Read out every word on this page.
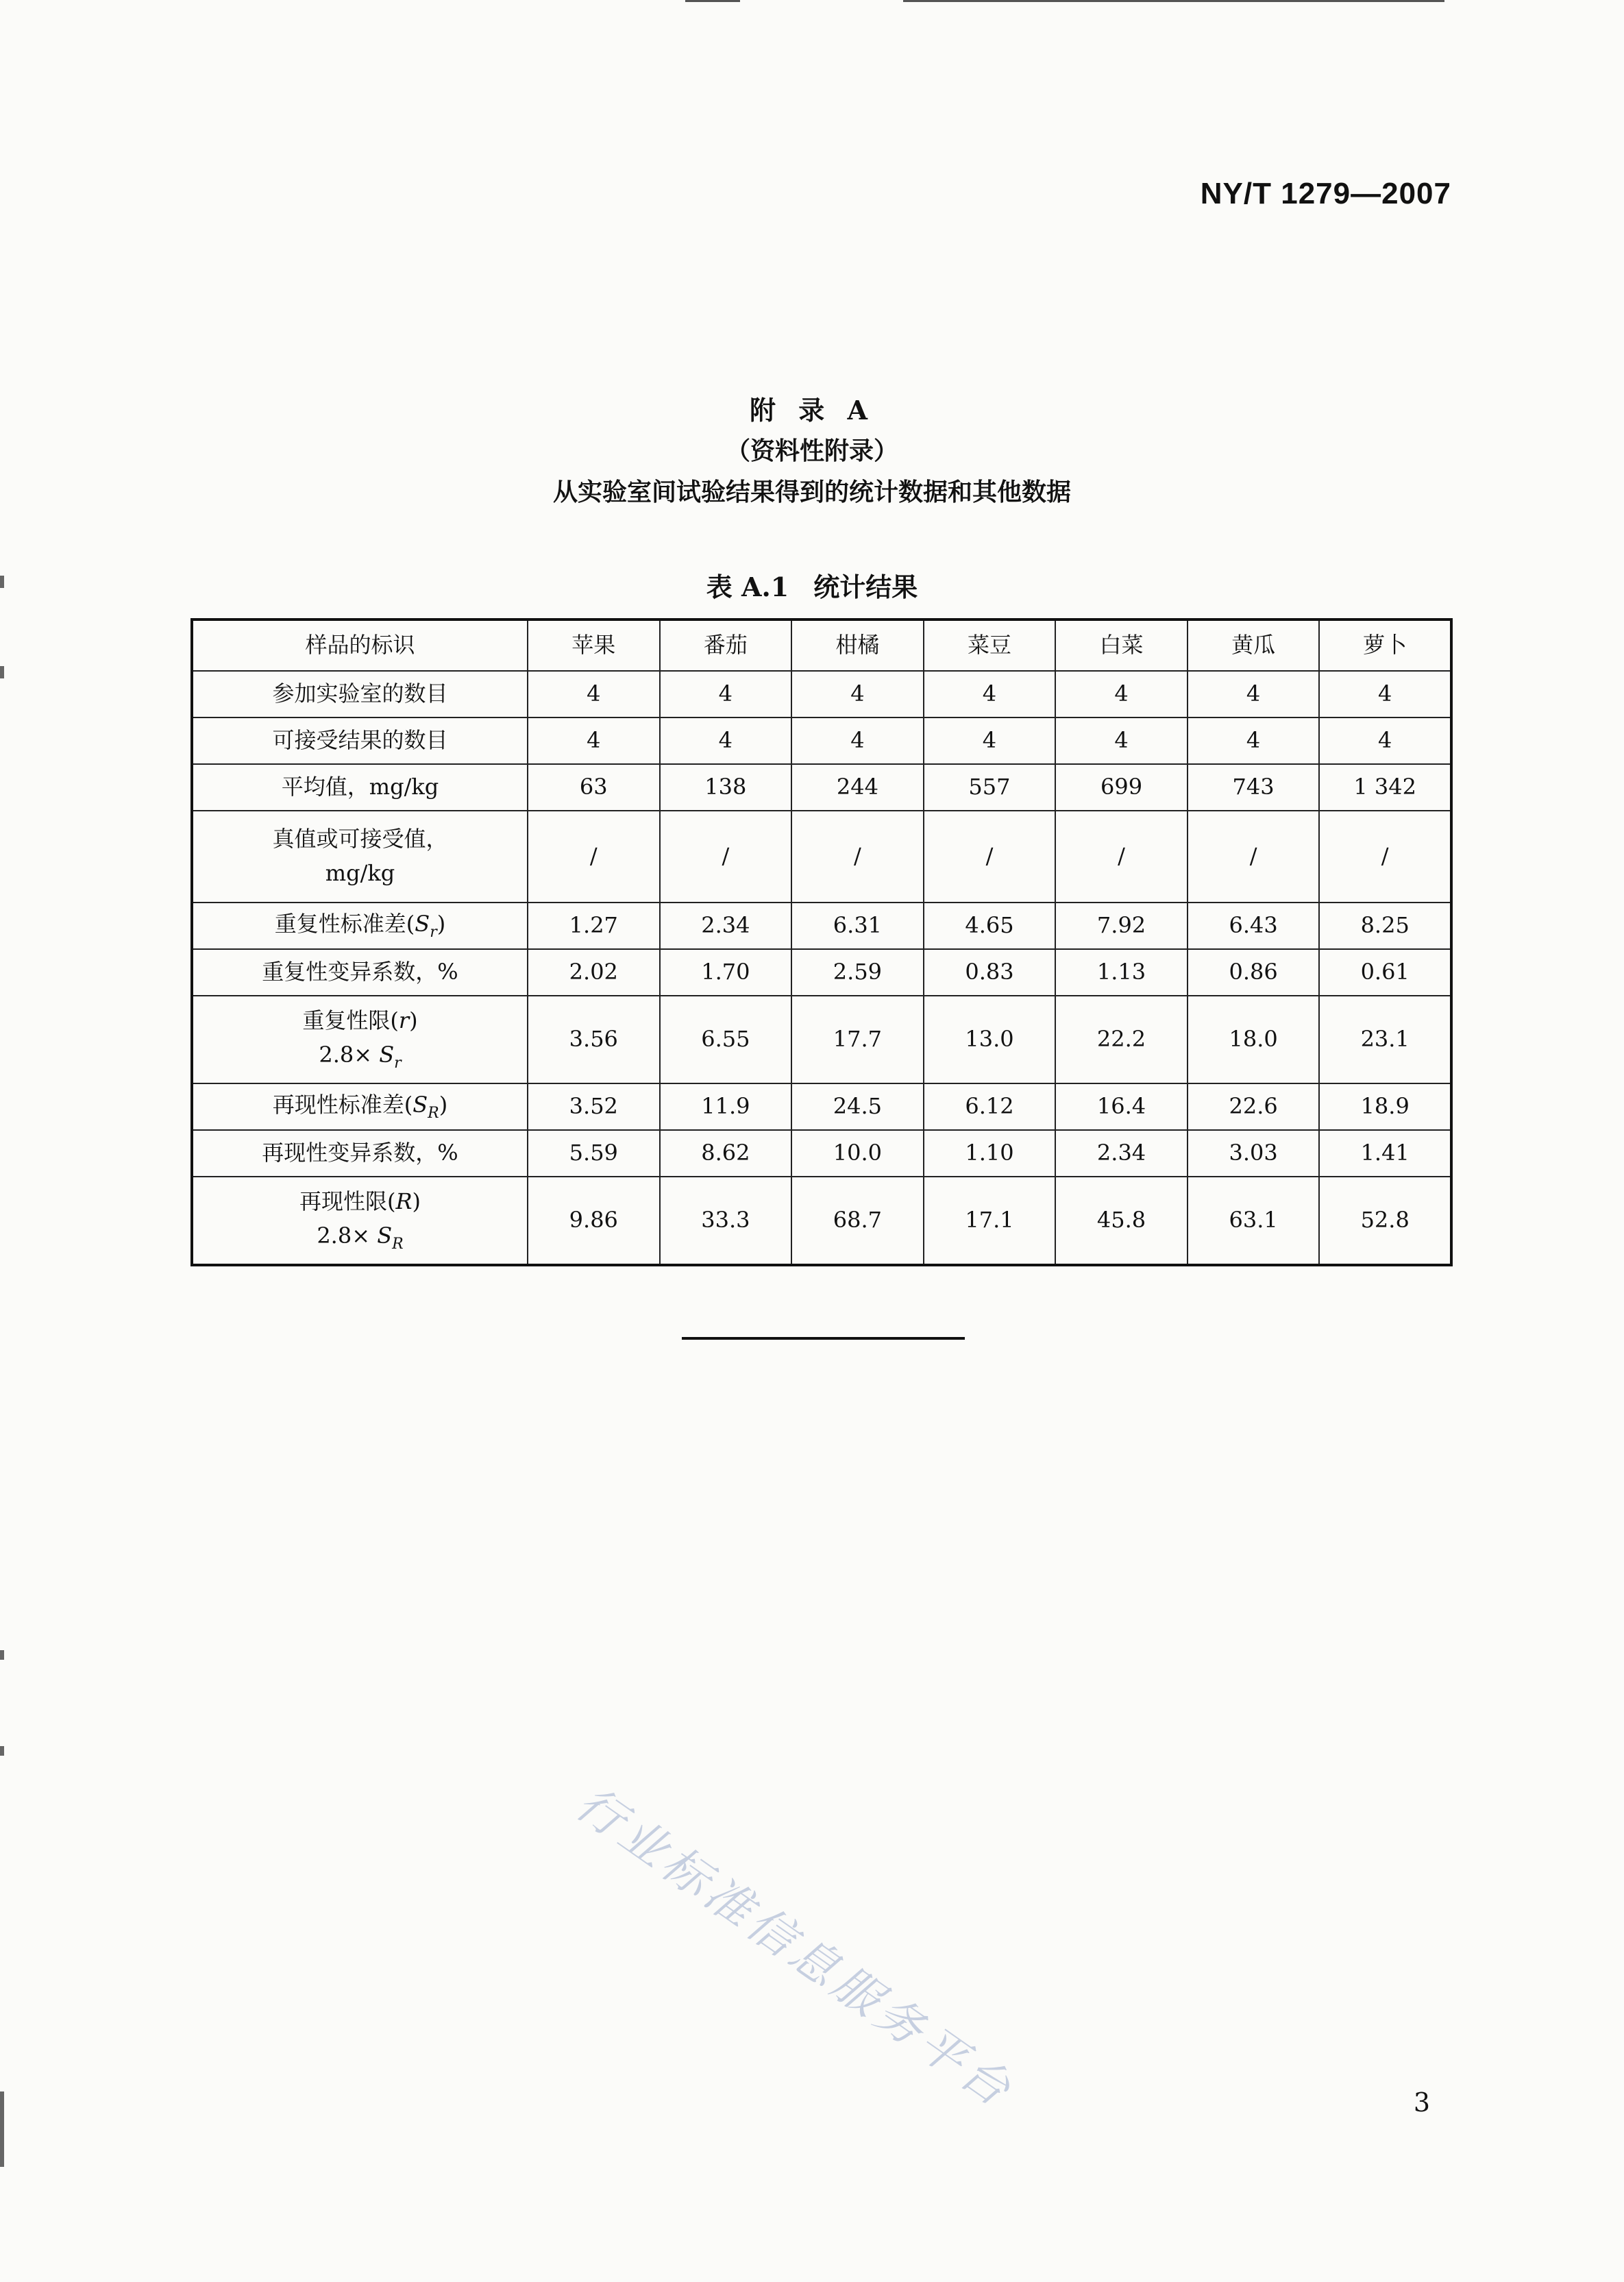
NY/T 1279—2007
附 录 A
（资料性附录）
从实验室间试验结果得到的统计数据和其他数据
表 A.1 统计结果
样品的标识	苹果	番茄	柑橘	菜豆	白菜	黄瓜	萝卜
参加实验室的数目	4	4	4	4	4	4	4
可接受结果的数目	4	4	4	4	4	4	4
平均值，mg/kg	63	138	244	557	699	743	1 342
真值或可接受值，
mg/kg	/	/	/	/	/	/	/
重复性标准差$(S_r)$	1.27	2.34	6.31	4.65	7.92	6.43	8.25
重复性变异系数，%	2.02	1.70	2.59	0.83	1.13	0.86	0.61
重复性限(r)
$2.8\times S_r$	3.56	6.55	17.7	13.0	22.2	18.0	23.1
再现性标准差$(S_R)$	3.52	11.9	24.5	6.12	16.4	22.6	18.9
再现性变异系数，%	5.59	8.62	10.0	1.10	2.34	3.03	1.41
再现性限(R)
$2.8\times S_R$	9.86	33.3	68.7	17.1	45.8	63.1	52.8
行业标准信息服务平台	3
